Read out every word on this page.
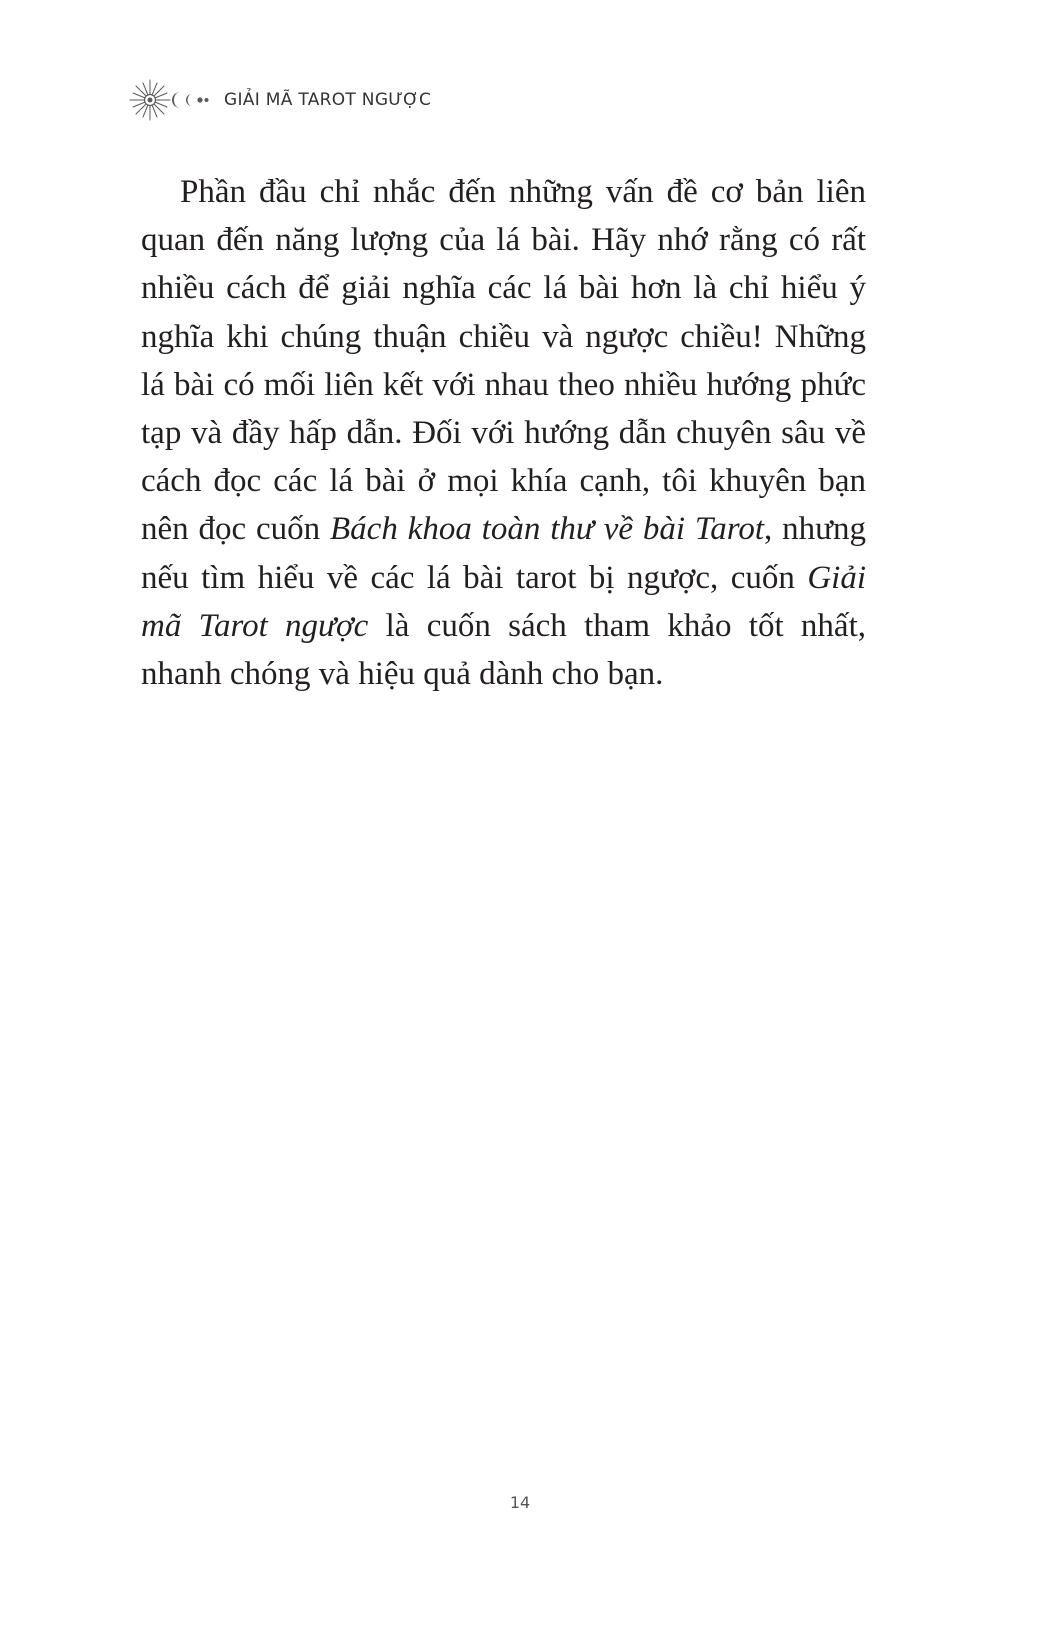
GIẢI MÃ TAROT NGƯỢC

Phần đầu chỉ nhắc đến những vấn đề cơ bản liên quan đến năng lượng của lá bài. Hãy nhớ rằng có rất nhiều cách để giải nghĩa các lá bài hơn là chỉ hiểu ý nghĩa khi chúng thuận chiều và ngược chiều! Những lá bài có mối liên kết với nhau theo nhiều hướng phức tạp và đầy hấp dẫn. Đối với hướng dẫn chuyên sâu về cách đọc các lá bài ở mọi khía cạnh, tôi khuyên bạn nên đọc cuốn Bách khoa toàn thư về bài Tarot, nhưng nếu tìm hiểu về các lá bài tarot bị ngược, cuốn Giải mã Tarot ngược là cuốn sách tham khảo tốt nhất, nhanh chóng và hiệu quả dành cho bạn.

14
